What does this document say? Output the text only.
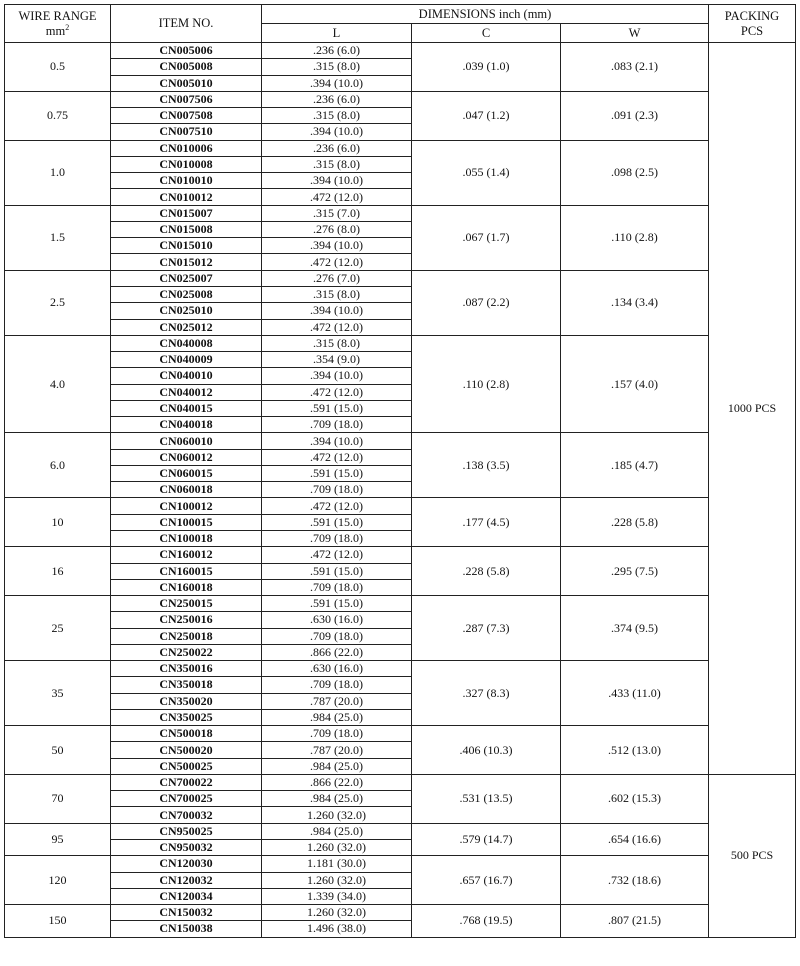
WIRE RANGE
$mm^2$	ITEM NO.	DIMENSIONS inch (mm)			PACKING
PCS
		L	C	W	
0.5	CN005006	.236 (6.0)	.039 (1.0)	.083 (2.1)	1000 PCS
	CN005008	.315 (8.0)			
	CN005010	.394 (10.0)			
0.75	CN007506	.236 (6.0)	.047 (1.2)	.091 (2.3)	
	CN007508	.315 (8.0)			
	CN007510	.394 (10.0)			
1.0	CN010006	.236 (6.0)	.055 (1.4)	.098 (2.5)	
	CN010008	.315 (8.0)			
	CN010010	.394 (10.0)			
	CN010012	.472 (12.0)			
1.5	CN015007	.315 (7.0)	.067 (1.7)	.110 (2.8)	
	CN015008	.276 (8.0)			
	CN015010	.394 (10.0)			
	CN015012	.472 (12.0)			
2.5	CN025007	.276 (7.0)	.087 (2.2)	.134 (3.4)	
	CN025008	.315 (8.0)			
	CN025010	.394 (10.0)			
	CN025012	.472 (12.0)			
4.0	CN040008	.315 (8.0)	.110 (2.8)	.157 (4.0)	
	CN040009	.354 (9.0)			
	CN040010	.394 (10.0)			
	CN040012	.472 (12.0)			
	CN040015	.591 (15.0)			
	CN040018	.709 (18.0)			
6.0	CN060010	.394 (10.0)	.138 (3.5)	.185 (4.7)	
	CN060012	.472 (12.0)			
	CN060015	.591 (15.0)			
	CN060018	.709 (18.0)			
10	CN100012	.472 (12.0)	.177 (4.5)	.228 (5.8)	
	CN100015	.591 (15.0)			
	CN100018	.709 (18.0)			
16	CN160012	.472 (12.0)	.228 (5.8)	.295 (7.5)	
	CN160015	.591 (15.0)			
	CN160018	.709 (18.0)			
25	CN250015	.591 (15.0)	.287 (7.3)	.374 (9.5)	
	CN250016	.630 (16.0)			
	CN250018	.709 (18.0)			
	CN250022	.866 (22.0)			
35	CN350016	.630 (16.0)	.327 (8.3)	.433 (11.0)	
	CN350018	.709 (18.0)			
	CN350020	.787 (20.0)			
	CN350025	.984 (25.0)			
50	CN500018	.709 (18.0)	.406 (10.3)	.512 (13.0)	
	CN500020	.787 (20.0)			
	CN500025	.984 (25.0)			
70	CN700022	.866 (22.0)	.531 (13.5)	.602 (15.3)	500 PCS
	CN700025	.984 (25.0)			
	CN700032	1.260 (32.0)			
95	CN950025	.984 (25.0)	.579 (14.7)	.654 (16.6)	
	CN950032	1.260 (32.0)			
120	CN120030	1.181 (30.0)	.657 (16.7)	.732 (18.6)	
	CN120032	1.260 (32.0)			
	CN120034	1.339 (34.0)			
150	CN150032	1.260 (32.0)	.768 (19.5)	.807 (21.5)	
	CN150038	1.496 (38.0)			
